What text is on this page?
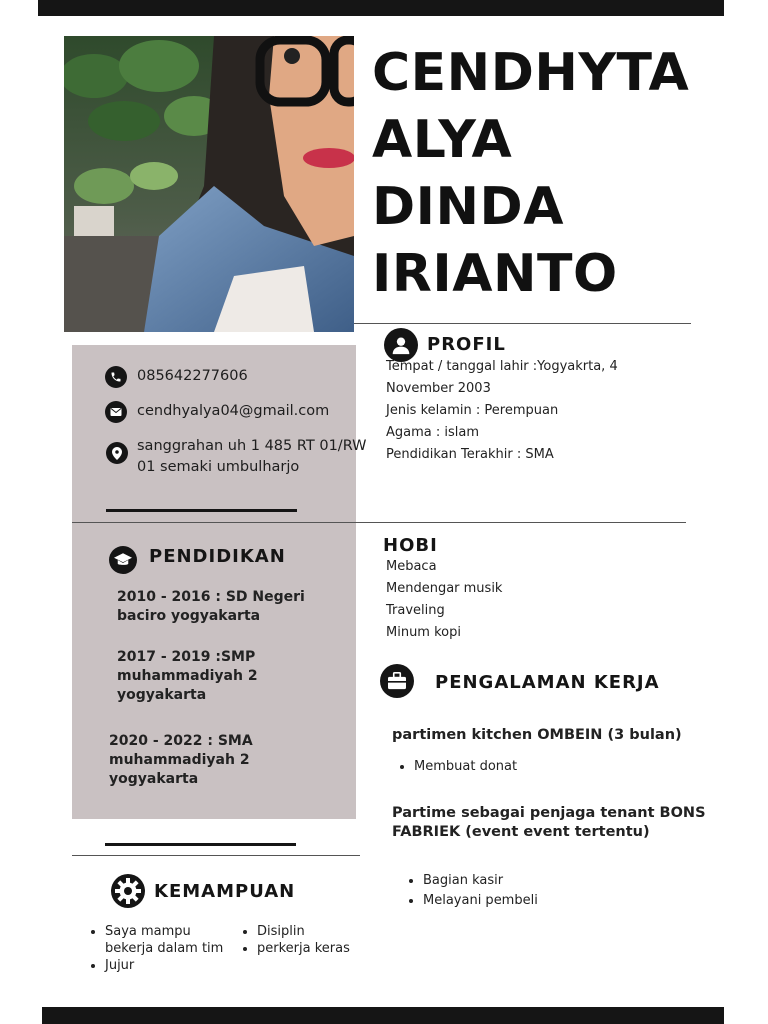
CENDHYTA
ALYA
DINDA
IRIANTO
085642277606
cendhyalya04@gmail.com
sanggrahan uh 1 485 RT 01/RW
01 semaki umbulharjo
PROFIL
Tempat / tanggal lahir :Yogyakrta, 4
November 2003
Jenis kelamin : Perempuan
Agama : islam
Pendidikan Terakhir : SMA
PENDIDIKAN
2010 - 2016 : SD Negeri
baciro yogyakarta
2017 - 2019 :SMP
muhammadiyah 2
yogyakarta
2020 - 2022 : SMA
muhammadiyah 2
yogyakarta
HOBI
Mebaca
Mendengar musik
Traveling
Minum kopi
PENGALAMAN KERJA
partimen kitchen OMBEIN (3 bulan)
• Membuat donat
Partime sebagai penjaga tenant BONS
FABRIEK (event event tertentu)
• Bagian kasir
• Melayani pembeli
KEMAMPUAN
• Saya mampu
bekerja dalam tim
• Jujur
• Disiplin
• perkerja keras
